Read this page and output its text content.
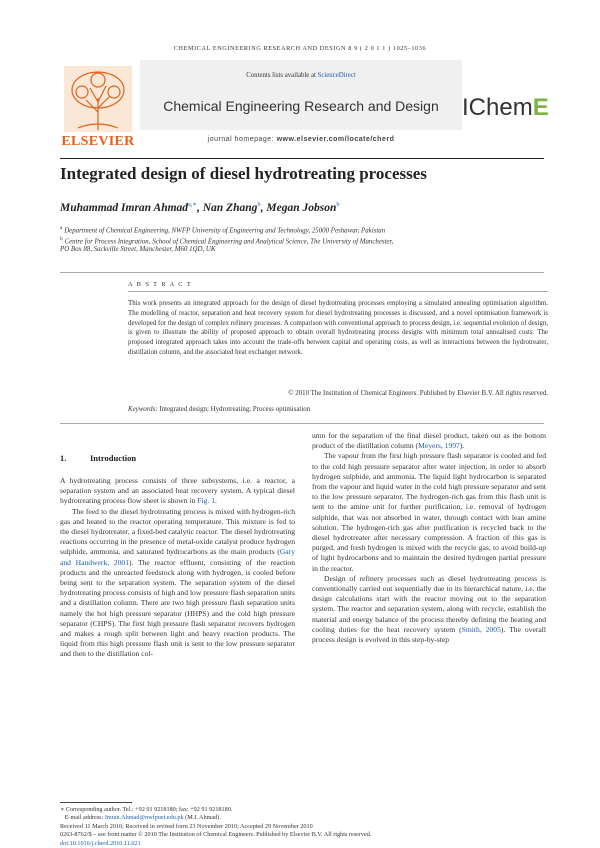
CHEMICAL ENGINEERING RESEARCH AND DESIGN 8 9 ( 2 0 1 1 ) 1025–1036
ELSEVIER
Contents lists available at ScienceDirect
Chemical Engineering Research and Design
journal homepage: www.elsevier.com/locate/cherd
IChemE
Integrated design of diesel hydrotreating processes
Muhammad Imran Ahmad$^{a,∗}$, Nan Zhang$^b$, Megan Jobson$^b$
$^a$ Department of Chemical Engineering, NWFP University of Engineering and Technology, 25000 Peshawar, Pakistan
$^b$ Centre for Process Integration, School of Chemical Engineering and Analytical Science, The University of Manchester,
PO Box 88, Sackville Street, Manchester, M60 1QD, UK
A B S T R A C T
This work presents an integrated approach for the design of diesel hydrotreating processes employing a simulated annealing optimisation algorithm. The modelling of reactor, separation and heat recovery system for diesel hydrotreating processes is discussed, and a novel optimisation framework is developed for the design of complex refinery processes. A comparison with conventional approach to process design, i.e. sequential evolution of design, is given to illustrate the ability of proposed approach to obtain overall hydrotreating process designs with minimum total annualised costs. The proposed integrated approach takes into account the trade-offs between capital and operating costs, as well as interactions between the hydrotreater, distillation column, and the associated heat exchanger network.
© 2010 The Institution of Chemical Engineers. Published by Elsevier B.V. All rights reserved.
Keywords: Integrated design; Hydrotreating; Process optimisation
1.	Introduction

A hydrotreating process consists of three subsystems, i.e. a reactor, a separation system and an associated heat recovery system. A typical diesel hydrotreating process flow sheet is shown in Fig. 1.

The feed to the diesel hydrotreating process is mixed with hydrogen-rich gas and heated to the reactor operating temperature. This mixture is fed to the diesel hydrotreater, a fixed-bed catalytic reactor. The diesel hydrotreating reactions occurring in the presence of metal-oxide catalyst produce hydrogen sulphide, ammonia, and saturated hydrocarbons as the main products (Gary and Handwerk, 2001). The reactor effluent, consisting of the reaction products and the unreacted feedstock along with hydrogen, is cooled before being sent to the separation system. The separation system of the diesel hydrotreating process consists of high and low pressure flash separation units and a distillation column. There are two high pressure flash separation units namely the hot high pressure separator (HHPS) and the cold high pressure separator (CHPS). The first high pressure flash separator recovers hydrogen and makes a rough split between light and heavy reaction products. The liquid from this high pressure flash unit is sent to the low pressure separator and then to the distillation col-

umn for the separation of the final diesel product, taken out as the bottom product of the distillation column (Meyers, 1997).

The vapour from the first high pressure flash separator is cooled and fed to the cold high pressure separator after water injection, in order to absorb hydrogen sulphide, and ammonia. The liquid light hydrocarbon is separated from the vapour and liquid water in the cold high pressure separator and sent to the low pressure separator. The hydrogen-rich gas from this flash unit is sent to the amine unit for further purification, i.e. removal of hydrogen sulphide, that was not absorbed in water, through contact with lean amine solution. The hydrogen-rich gas after purification is recycled back to the diesel hydrotreater after necessary compression. A fraction of this gas is purged, and fresh hydrogen is mixed with the recycle gas, to avoid build-up of light hydrocarbons and to maintain the desired hydrogen partial pressure in the reactor.

Design of refinery processes such as diesel hydrotreating process is conventionally carried out sequentially due to its hierarchical nature, i.e. the design calculations start with the reactor moving out to the separation system. The reactor and separation system, along with recycle, establish the material and energy balance of the process thereby defining the heating and cooling duties for the heat recovery system (Smith, 2005). The overall process design is evolved in this step-by-step

∗ Corresponding author. Tel.: +92 91 9218180; fax: +92 91 9218180.
E-mail address: Imran.Ahmad@nwfpuet.edu.pk (M.I. Ahmad).
Received 11 March 2010; Received in revised form 23 November 2010; Accepted 29 November 2010
0263-8762/$ – see front matter © 2010 The Institution of Chemical Engineers. Published by Elsevier B.V. All rights reserved.
doi:10.1016/j.cherd.2010.11.021
